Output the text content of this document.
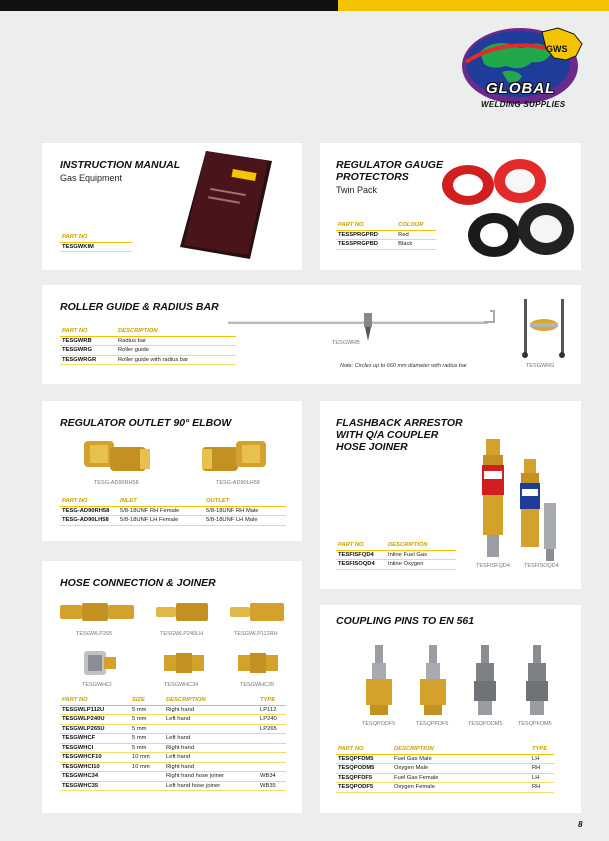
GWS
GLOBAL
WELDING SUPPLIES
INSTRUCTION MANUAL
Gas Equipment
PART NO
TESGWKIM
REGULATOR GAUGE
PROTECTORS
Twin Pack
PART NO	COLOUR
TESSPRGPRD	Red
TESSPRGPBD	Black
ROLLER GUIDE & RADIUS BAR
PART NO	DESCRIPTION
TESGWRB	Radius bar
TESGWRG	Roller guide
TESGWRGR	Roller guide with radius bar
TESGWRB
Note: Circles up to 660 mm diameter with radius bar	TESGWRG
REGULATOR OUTLET 90° ELBOW
TESG-AD90RH58	TESG-AD90LH58
PART NO	INLET	OUTLET
TESG-AD90RH58	5/8-18UNF RH Female	5/8-18UNF RH Male
TESG-AD90LH58	5/8-18UNF LH Female	5/8-18UNF LH Male
FLASHBACK ARRESTOR
WITH Q/A COUPLER
HOSE JOINER
TESFISFQD4	TESFISOQD4
PART NO	DESCRIPTION
TESFISFQD4	Inline Fuel Gas
TESFISOQD4	Inline Oxygen
HOSE CONNECTION & JOINER
TESGWLP265	TESGWLP240LH	TESGWLP112RH
TESGWHCI	TESGWHC34	TESGWHC35
PART NO	SIZE	DESCRIPTION	TYPE
TESGWLP112U	5 mm	Right hand	LP112
TESGWLP240U	5 mm	Left hand	LP240
TESGWLP265U	5 mm		LP265
TESGWHCF	5 mm	Left hand	
TESGWHCI	5 mm	Right hand	
TESGWHCF10	10 mm	Left hand	
TESGWHCI10	10 mm	Right hand	
TESGWHC34		Right hand hose joiner	WB34
TESGWHC35		Left hand hose joiner	WB35
COUPLING PINS TO EN 561
TESQPODF5	TESQPFDF5	TESQPODM5	TESQPFDM5
PART NO	DESCRIPTION	TYPE
TESQPFDM5	Fuel Gas Male	LH
TESQPODM5	Oxygen Male	RH
TESQPFDF5	Fuel Gas Female	LH
TESQPODF5	Oxygen Female	RH
8
